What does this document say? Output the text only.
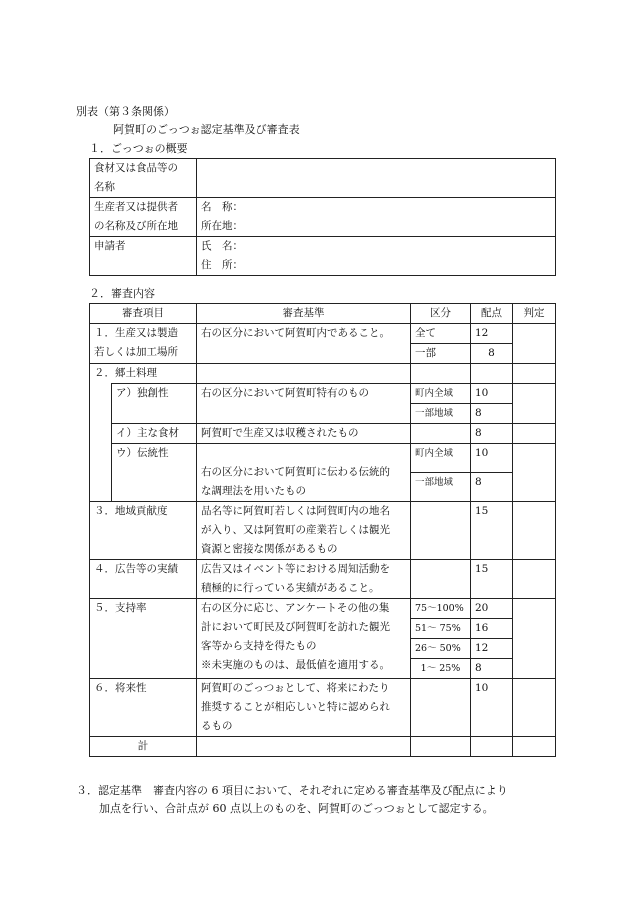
別表（第３条関係）
阿賀町のごっつぉ認定基準及び審査表
１．ごっつぉの概要
食材又は食品等の
名称	

生産者又は提供者
の名称及び所在地	名　称：
所在地：

申請者	氏　名：
住　所：
２．審査内容
審査項目		審査基準	区分	配点	判定

１．生産又は製造
若しくは加工場所		右の区分において阿賀町内であること。	全て	12	
			一部	8	
２．郷土料理					
	ア）独創性	右の区分において阿賀町特有のもの	町内全域	10	
			一部地域	8	
	イ）主な食材	阿賀町で生産又は収穫されたもの		8	

	ウ）伝統性	右の区分において阿賀町に伝わる伝統的
な調理法を用いたもの			

			町内全域	10	
			一部地域	8	
３．地域貢献度		品名等に阿賀町若しくは阿賀町内の地名
が入り、又は阿賀町の産業若しくは観光
資源と密接な関係があるもの		15	
４．広告等の実績		広告又はイベント等における周知活動を
積極的に行っている実績があること。		15	
５．支持率		右の区分に応じ、アンケートその他の集
計において町民及び阿賀町を訪れた観光
客等から支持を得たもの
※未実施のものは、最低値を適用する。	75〜100%	20	
			51〜 75%	16	
			26〜 50%	12	
			1〜 25%	8	
６．将来性		阿賀町のごっつぉとして、将来にわたり
推奨することが相応しいと特に認められ
るもの		10	
計					
３．認定基準　審査内容の 6 項目において、それぞれに定める審査基準及び配点により
加点を行い、合計点が 60 点以上のものを、阿賀町のごっつぉとして認定する。
